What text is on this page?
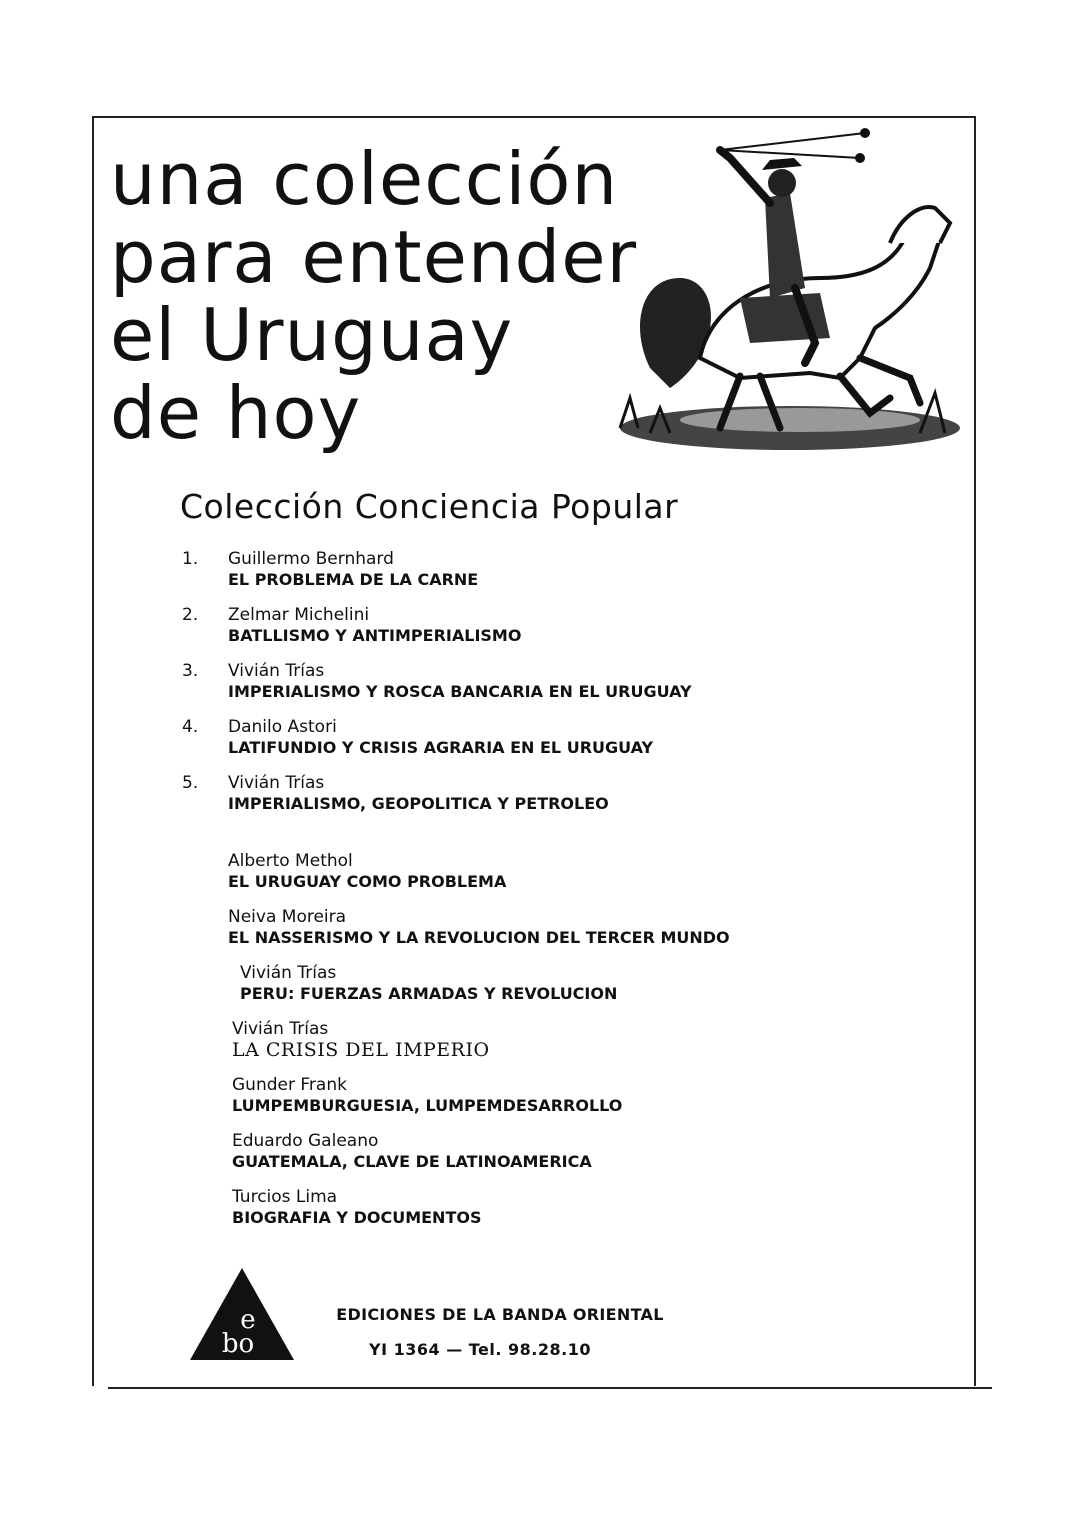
una colección
para entender
el Uruguay
de hoy
Colección Conciencia Popular
1.	Guillermo Bernhard
EL PROBLEMA DE LA CARNE
2.	Zelmar Michelini
BATLLISMO Y ANTIMPERIALISMO
3.	Vivián Trías
IMPERIALISMO Y ROSCA BANCARIA EN EL URUGUAY
4.	Danilo Astori
LATIFUNDIO Y CRISIS AGRARIA EN EL URUGUAY
5.	Vivián Trías
IMPERIALISMO, GEOPOLITICA Y PETROLEO
Alberto Methol
EL URUGUAY COMO PROBLEMA
Neiva Moreira
EL NASSERISMO Y LA REVOLUCION DEL TERCER MUNDO
Vivián Trías
PERU: FUERZAS ARMADAS Y REVOLUCION
Vivián Trías
LA CRISIS DEL IMPERIO
Gunder Frank
LUMPEMBURGUESIA, LUMPEMDESARROLLO
Eduardo Galeano
GUATEMALA, CLAVE DE LATINOAMERICA
Turcios Lima
BIOGRAFIA Y DOCUMENTOS
e
bo
EDICIONES DE LA BANDA ORIENTAL
YI 1364 — Tel. 98.28.10
